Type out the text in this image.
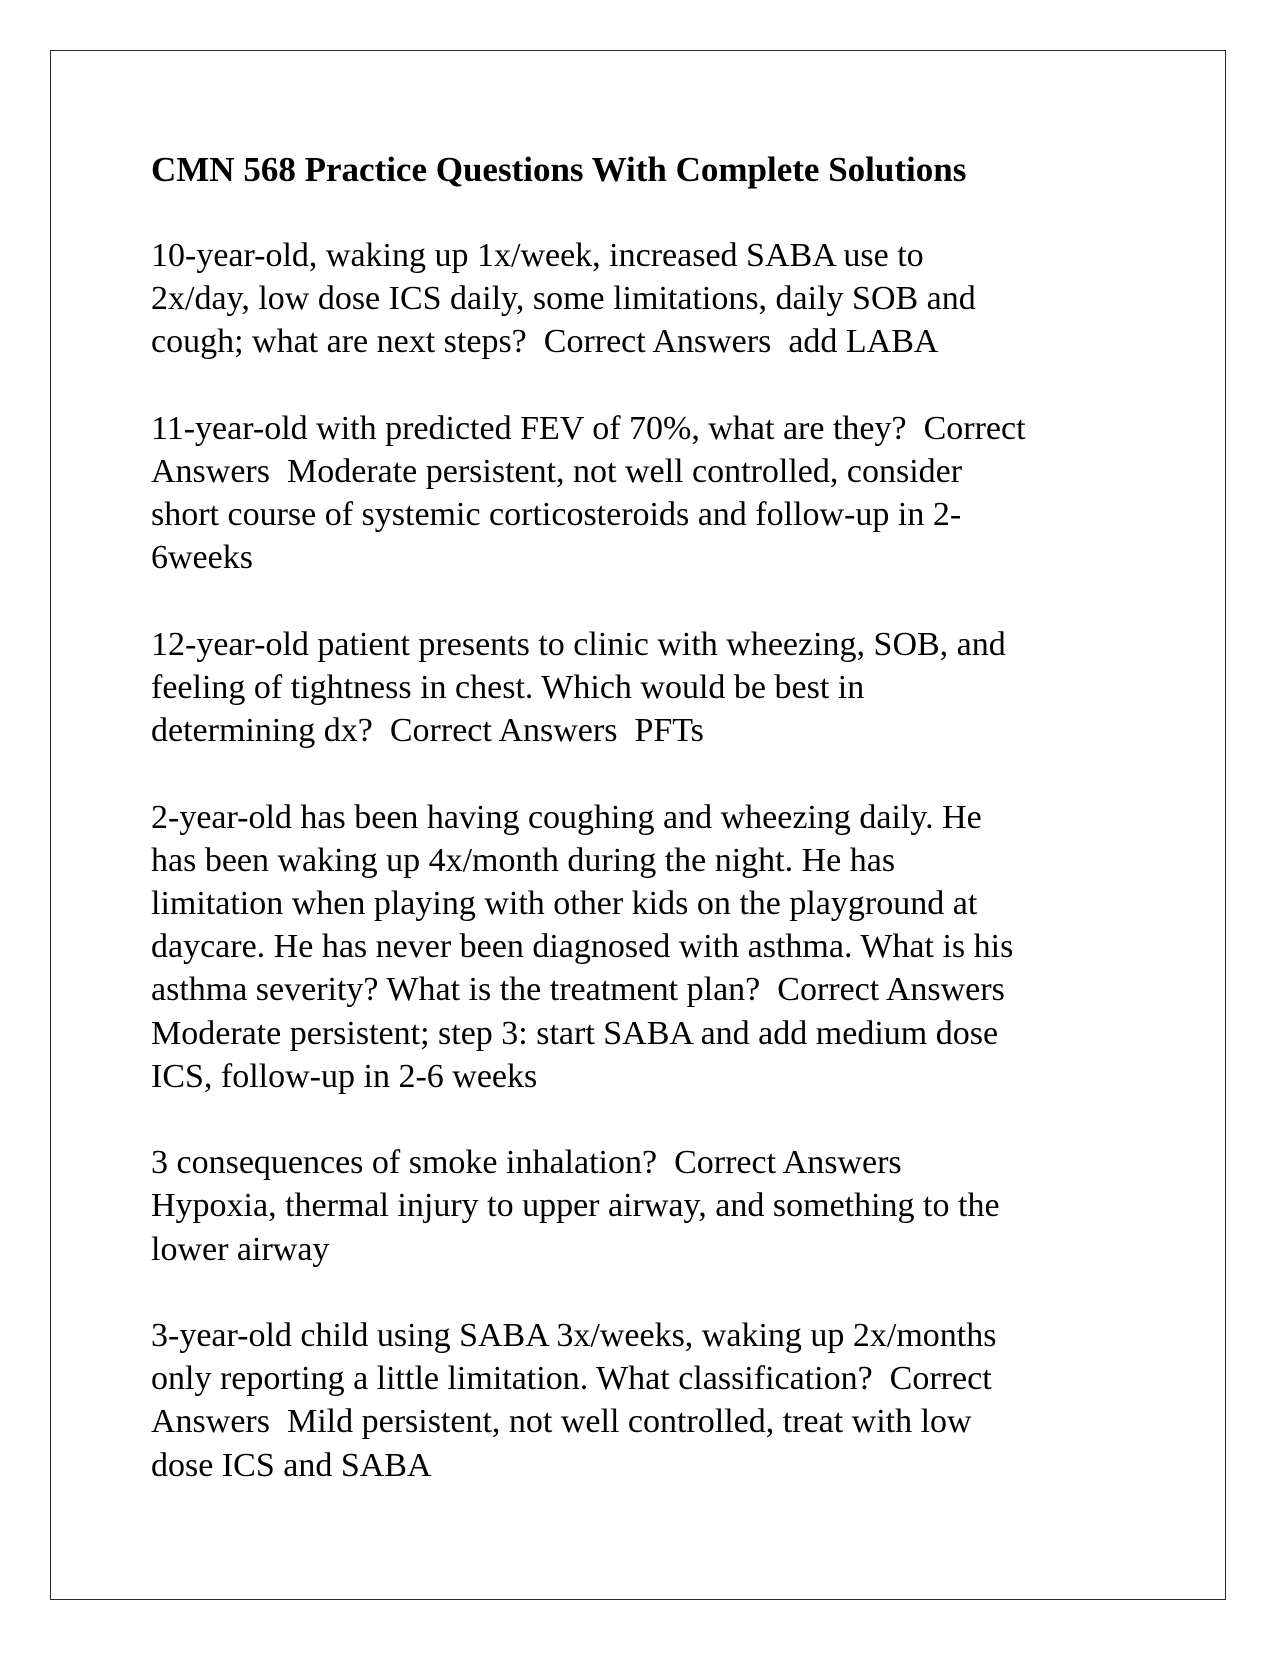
CMN 568 Practice Questions With Complete Solutions
10-year-old, waking up 1x/week, increased SABA use to
2x/day, low dose ICS daily, some limitations, daily SOB and
cough; what are next steps?  Correct Answers  add LABA
11-year-old with predicted FEV of 70%, what are they?  Correct
Answers  Moderate persistent, not well controlled, consider
short course of systemic corticosteroids and follow-up in 2-
6weeks
12-year-old patient presents to clinic with wheezing, SOB, and
feeling of tightness in chest. Which would be best in
determining dx?  Correct Answers  PFTs
2-year-old has been having coughing and wheezing daily. He
has been waking up 4x/month during the night. He has
limitation when playing with other kids on the playground at
daycare. He has never been diagnosed with asthma. What is his
asthma severity? What is the treatment plan?  Correct Answers
Moderate persistent; step 3: start SABA and add medium dose
ICS, follow-up in 2-6 weeks
3 consequences of smoke inhalation?  Correct Answers
Hypoxia, thermal injury to upper airway, and something to the
lower airway
3-year-old child using SABA 3x/weeks, waking up 2x/months
only reporting a little limitation. What classification?  Correct
Answers  Mild persistent, not well controlled, treat with low
dose ICS and SABA
